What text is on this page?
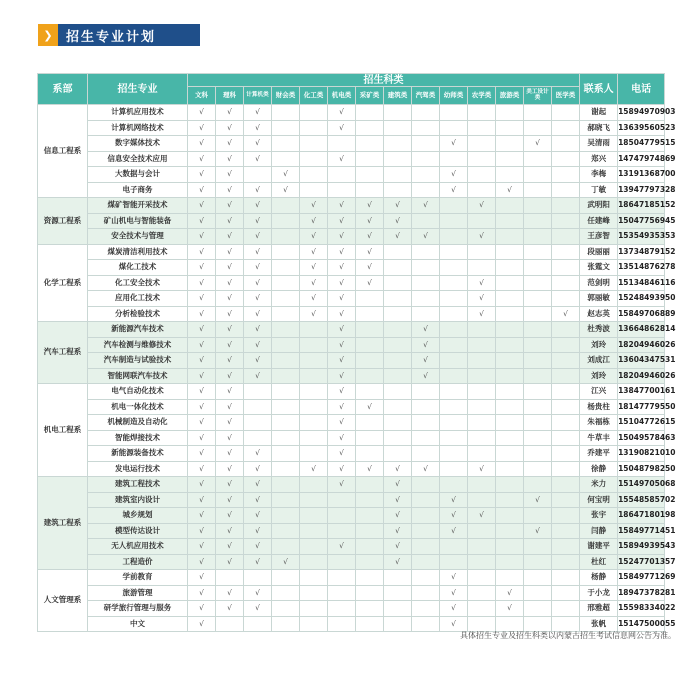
❯	招生专业计划
系部	招生专业	招生科类														联系人	电话
		文科	理科	计算机类	财会类	化工类	机电类	采矿类	建筑类	汽驾类	幼师类	农学类	旅游类	美工设计类	医学类		
信息工程系	计算机应用技术	√	√	√			√									谢起	15894970903
	计算机网络技术	√	√	√			√									郝晓飞	13639560523
	数字媒体技术	√	√	√							√			√		吴清雨	18504779515
	信息安全技术应用	√	√	√			√									郑兴	14747974869
	大数据与会计	√	√		√						√					李梅	13191368700
	电子商务	√	√	√	√						√		√			丁敏	13947797328
资源工程系	煤矿智能开采技术	√	√	√		√	√	√	√	√		√				武明阳	18647185152
	矿山机电与智能装备	√	√	√		√	√	√	√							任建峰	15047756945
	安全技术与管理	√	√	√		√	√	√	√	√		√				王彦智	15354935353
化学工程系	煤炭清洁利用技术	√	√	√		√	√	√								段丽丽	13734879152
	煤化工技术	√	√	√		√	√	√								张霆文	13514876278
	化工安全技术	√	√	√		√	√	√				√				范剑明	15134846116
	应用化工技术	√	√	√		√	√					√				郭丽敏	15248493950
	分析检验技术	√	√	√		√	√					√			√	赵志英	15849706889
汽车工程系	新能源汽车技术	√	√	√			√			√						杜秀波	13664862814
	汽车检测与维修技术	√	√	√			√			√						刘玲	18204946026
	汽车制造与试验技术	√	√	√			√			√						刘成江	13604347531
	智能网联汽车技术	√	√	√			√			√						刘玲	18204946026
机电工程系	电气自动化技术	√	√				√									江兴	13847700161
	机电一体化技术	√	√				√	√								杨贵柱	18147779550
	机械制造及自动化	√	√				√									朱福栋	15104772615
	智能焊接技术	√	√				√									牛草丰	15049578463
	新能源装备技术	√	√	√			√									乔建平	13190821010
	发电运行技术	√	√	√		√	√	√	√	√		√				徐静	15048798250
建筑工程系	建筑工程技术	√	√	√			√		√							米力	15149705068
	建筑室内设计	√	√	√					√		√			√		何宝明	15548585702
	城乡规划	√	√	√					√		√	√				张宇	18647180198
	模型传达设计	√	√	√					√		√			√		闫静	15849771451
	无人机应用技术	√	√	√			√		√							谢建平	15894939543
	工程造价	√	√	√	√				√							杜红	15247701357
人文管理系	学前教育	√									√					杨静	15849771269
	旅游管理	√	√	√							√		√			于小龙	18947378281
	研学旅行管理与服务	√	√	√							√		√			邢雅超	15598334022
	中文	√									√					张帆	15147500055
具体招生专业及招生科类以内蒙古招生考试信息网公告为准。
